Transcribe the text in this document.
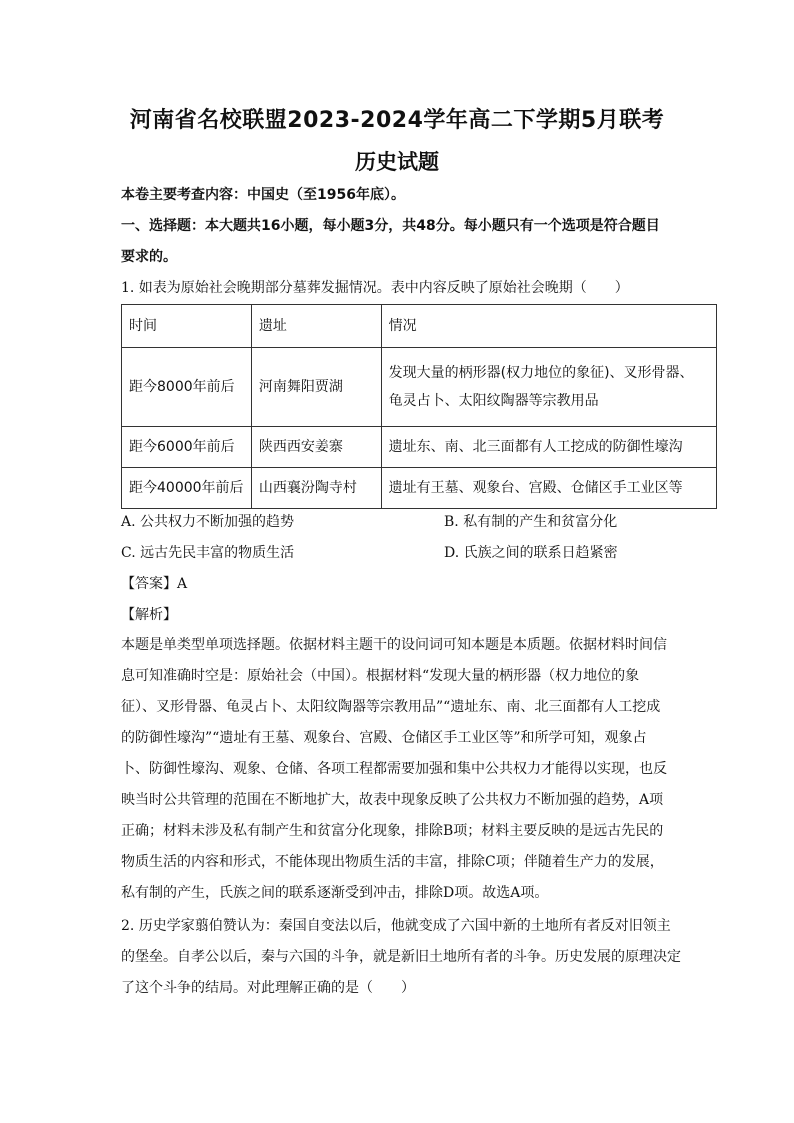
河南省名校联盟2023-2024学年高二下学期5月联考
历史试题
本卷主要考查内容：中国史（至1956年底）。
一、选择题：本大题共16小题，每小题3分，共48分。每小题只有一个选项是符合题目
要求的。
1. 如表为原始社会晚期部分墓葬发掘情况。表中内容反映了原始社会晚期（　　）
时间	遗址	情况
距今8000年前后	河南舞阳贾湖	发现大量的柄形器(权力地位的象征)、叉形骨器、
龟灵占卜、太阳纹陶器等宗教用品

距今6000年前后	陕西西安姜寨	遗址东、南、北三面都有人工挖成的防御性壕沟
距今40000年前后	山西襄汾陶寺村	遗址有王墓、观象台、宫殿、仓储区手工业区等
A. 公共权力不断加强的趋势	B. 私有制的产生和贫富分化
C. 远古先民丰富的物质生活	D. 氏族之间的联系日趋紧密
【答案】A
【解析】
本题是单类型单项选择题。依据材料主题干的设问词可知本题是本质题。依据材料时间信
息可知准确时空是：原始社会（中国）。根据材料“发现大量的柄形器（权力地位的象
征）、叉形骨器、龟灵占卜、太阳纹陶器等宗教用品”“遗址东、南、北三面都有人工挖成
的防御性壕沟”“遗址有王墓、观象台、宫殿、仓储区手工业区等”和所学可知，观象占
卜、防御性壕沟、观象、仓储、各项工程都需要加强和集中公共权力才能得以实现，也反
映当时公共管理的范围在不断地扩大，故表中现象反映了公共权力不断加强的趋势，A项
正确；材料未涉及私有制产生和贫富分化现象，排除B项；材料主要反映的是远古先民的
物质生活的内容和形式，不能体现出物质生活的丰富，排除C项；伴随着生产力的发展，
私有制的产生，氏族之间的联系逐渐受到冲击，排除D项。故选A项。
2. 历史学家翦伯赞认为：秦国自变法以后，他就变成了六国中新的土地所有者反对旧领主
的堡垒。自孝公以后，秦与六国的斗争，就是新旧土地所有者的斗争。历史发展的原理决定
了这个斗争的结局。对此理解正确的是（　　）
